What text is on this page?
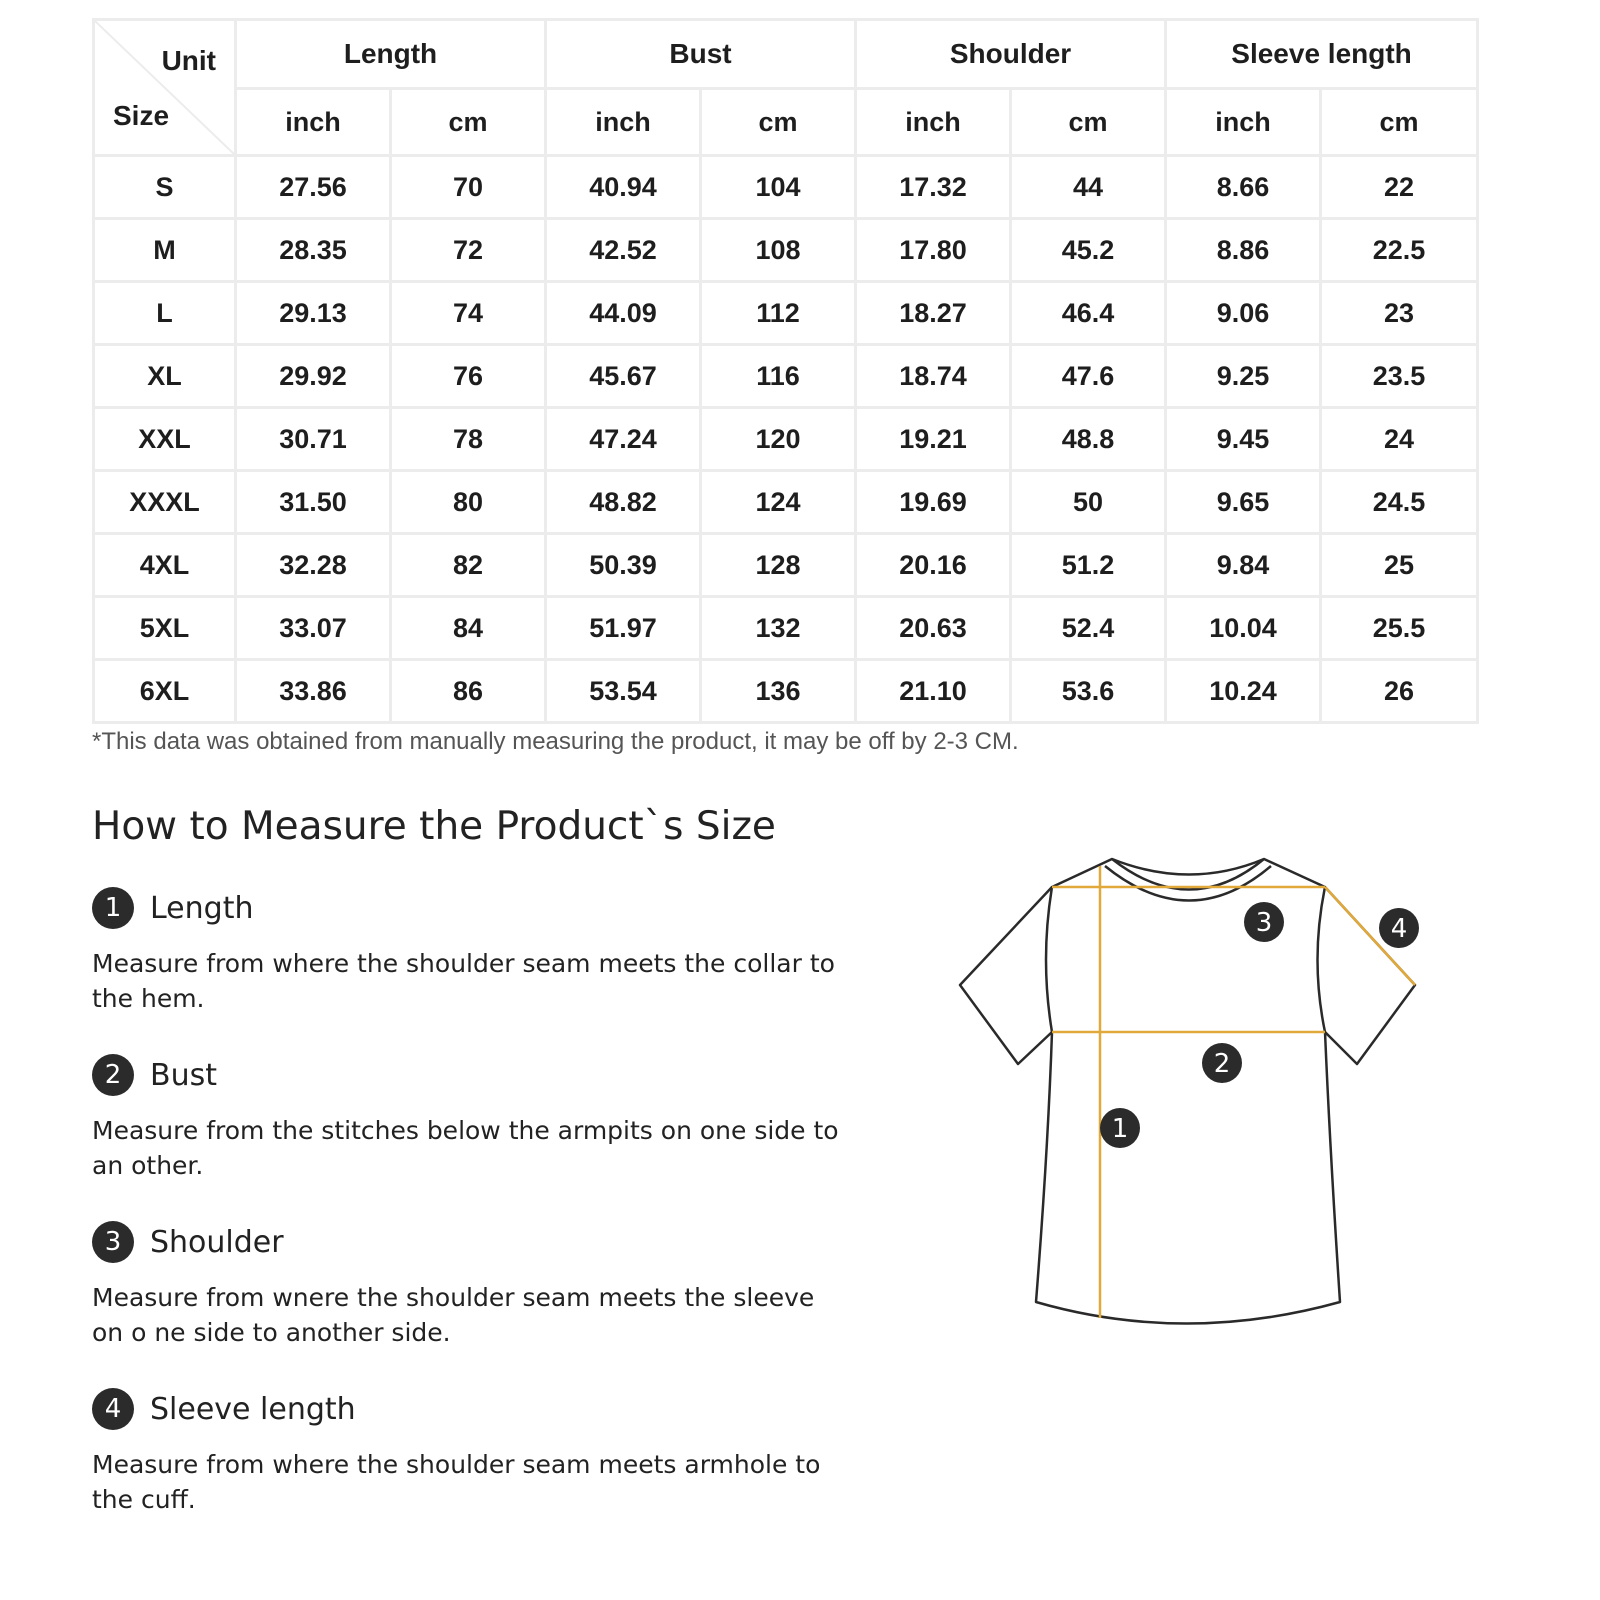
Unit
Size	Length		Bust		Shoulder		Sleeve length	
	inch	cm	inch	cm	inch	cm	inch	cm
S	27.56	70	40.94	104	17.32	44	8.66	22
M	28.35	72	42.52	108	17.80	45.2	8.86	22.5
L	29.13	74	44.09	112	18.27	46.4	9.06	23
XL	29.92	76	45.67	116	18.74	47.6	9.25	23.5
XXL	30.71	78	47.24	120	19.21	48.8	9.45	24
XXXL	31.50	80	48.82	124	19.69	50	9.65	24.5
4XL	32.28	82	50.39	128	20.16	51.2	9.84	25
5XL	33.07	84	51.97	132	20.63	52.4	10.04	25.5
6XL	33.86	86	53.54	136	21.10	53.6	10.24	26
*This data was obtained from manually measuring the product, it may be off by 2-3 CM.
How to Measure the Product`s Size
1 Length
Measure from where the shoulder seam meets the collar to the hem.
2 Bust
Measure from the stitches below the armpits on one side to an other.
3 Shoulder
Measure from wnere the shoulder seam meets the sleeve on o ne side to another side.
4 Sleeve length
Measure from where the shoulder seam meets armhole to the cuff.
1
2
3	4
